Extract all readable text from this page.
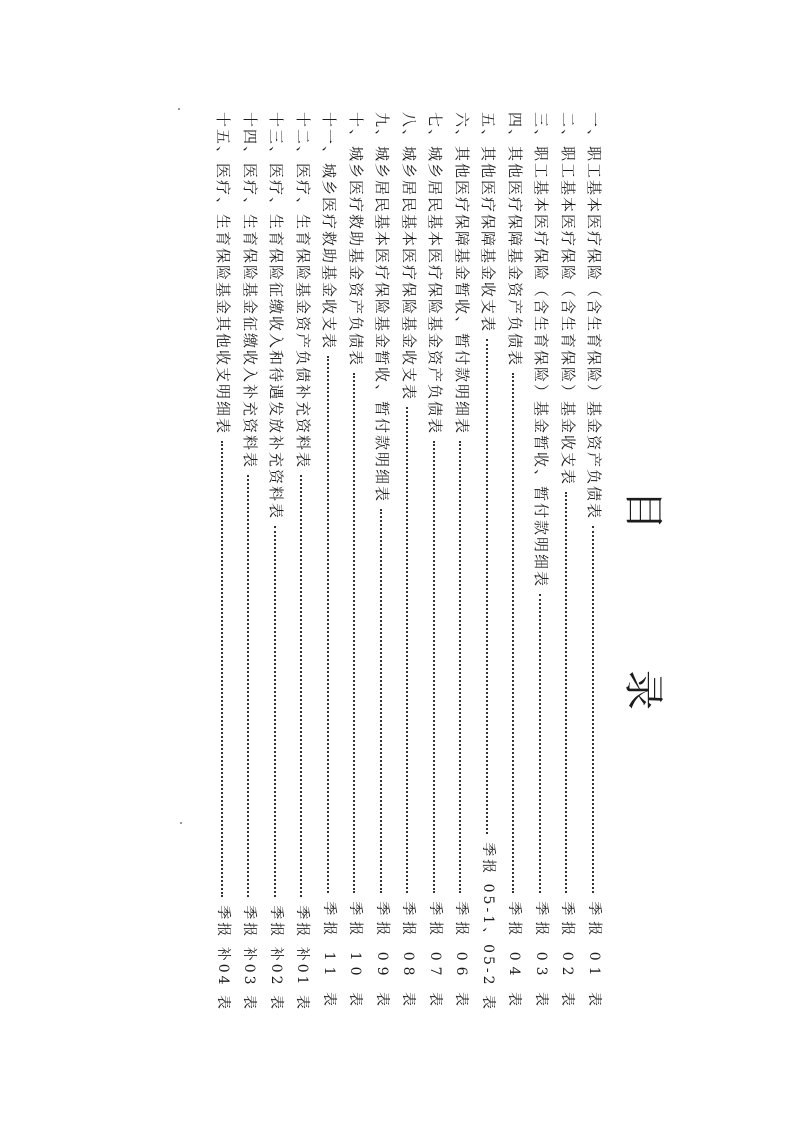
目录
一、
职工基本医疗保险（含生育保险）基金资产负债表
季报 01 表
二、
职工基本医疗保险（含生育保险）基金收支表
季报 02 表
三、
职工基本医疗保险（含生育保险）基金暂收、暂付款明细表
季报 03 表
四、
其他医疗保障基金资产负债表
季报 04 表
五、
其他医疗保障基金收支表
季报 05-1、05-2 表
六、
其他医疗保障基金暂收、暂付款明细表
季报 06 表
七、
城乡居民基本医疗保险基金资产负债表
季报 07 表
八、
城乡居民基本医疗保险基金收支表
季报 08 表
九、
城乡居民基本医疗保险基金暂收、暂付款明细表
季报 09 表
十、
城乡医疗救助基金资产负债表
季报 10 表
十一、
城乡医疗救助基金收支表
季报 11 表
十二、
医疗、生育保险基金资产负债补充资料表
季报 补01 表
十三、
医疗、生育保险征缴收入和待遇发放补充资料表
季报 补02 表
十四、
医疗、生育保险基金征缴收入补充资料表
季报 补03 表
十五、
医疗、生育保险基金其他收支明细表
季报 补04 表
